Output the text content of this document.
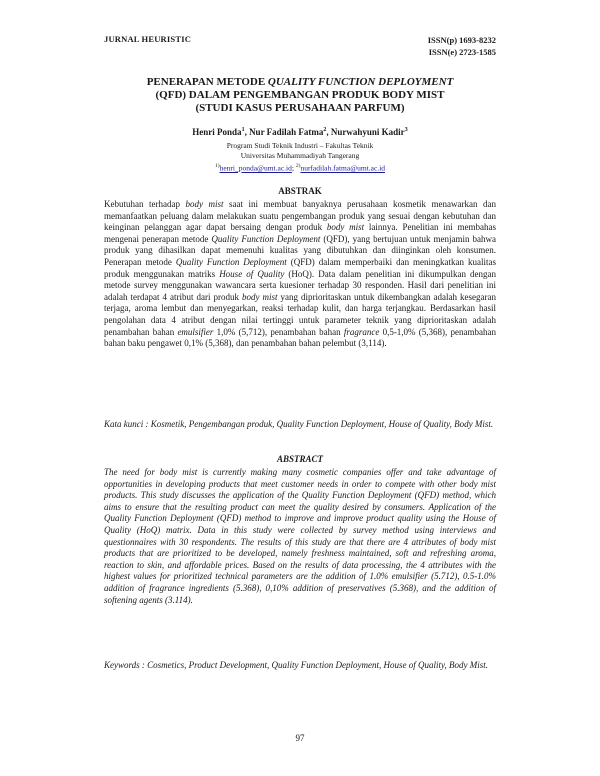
JURNAL HEURISTIC	ISSN(p) 1693-8232
ISSN(e) 2723-1585
PENERAPAN METODE QUALITY FUNCTION DEPLOYMENT
(QFD) DALAM PENGEMBANGAN PRODUK BODY MIST
(STUDI KASUS PERUSAHAAN PARFUM)
Henri Ponda$^1$, Nur Fadilah Fatma$^2$, Nurwahyuni Kadir$^3$
Program Studi Teknik Industri – Fakultas Teknik
Universitas Muhammadiyah Tangerang
$^{1)}$henri_ponda@umt.ac.id; $^{2)}$nurfadilah.fatma@umt.ac.id
ABSTRAK
Kebutuhan terhadap body mist saat ini membuat banyaknya perusahaan kosmetik menawarkan dan memanfaatkan peluang dalam melakukan suatu pengembangan produk yang sesuai dengan kebutuhan dan keinginan pelanggan agar dapat bersaing dengan produk body mist lainnya. Penelitian ini membahas mengenai penerapan metode Quality Function Deployment (QFD), yang bertujuan untuk menjamin bahwa produk yang dihasilkan dapat memenuhi kualitas yang dibutuhkan dan diinginkan oleh konsumen. Penerapan metode Quality Function Deployment (QFD) dalam memperbaiki dan meningkatkan kualitas produk menggunakan matriks House of Quality (HoQ). Data dalam penelitian ini dikumpulkan dengan metode survey menggunakan wawancara serta kuesioner terhadap 30 responden. Hasil dari penelitian ini adalah terdapat 4 atribut dari produk body mist yang diprioritaskan untuk dikembangkan adalah kesegaran terjaga, aroma lembut dan menyegarkan, reaksi terhadap kulit, dan harga terjangkau. Berdasarkan hasil pengolahan data 4 atribut dengan nilai tertinggi untuk parameter teknik yang diprioritaskan adalah penambahan bahan emulsifier 1,0% (5,712), penambahan bahan fragrance 0,5-1,0% (5,368), penambahan bahan baku pengawet 0,1% (5,368), dan penambahan bahan pelembut (3,114).
Kata kunci : Kosmetik, Pengembangan produk, Quality Function Deployment, House of Quality, Body Mist.
ABSTRACT
The need for body mist is currently making many cosmetic companies offer and take advantage of opportunities in developing products that meet customer needs in order to compete with other body mist products. This study discusses the application of the Quality Function Deployment (QFD) method, which aims to ensure that the resulting product can meet the quality desired by consumers. Application of the Quality Function Deployment (QFD) method to improve and improve product quality using the House of Quality (HoQ) matrix. Data in this study were collected by survey method using interviews and questionnaires with 30 respondents. The results of this study are that there are 4 attributes of body mist products that are prioritized to be developed, namely freshness maintained, soft and refreshing aroma, reaction to skin, and affordable prices. Based on the results of data processing, the 4 attributes with the highest values for prioritized technical parameters are the addition of 1.0% emulsifier (5.712), 0.5-1.0% addition of fragrance ingredients (5.368), 0,10% addition of preservatives (5.368), and the addition of softening agents (3.114).
Keywords : Cosmetics, Product Development, Quality Function Deployment, House of Quality, Body Mist.
97
